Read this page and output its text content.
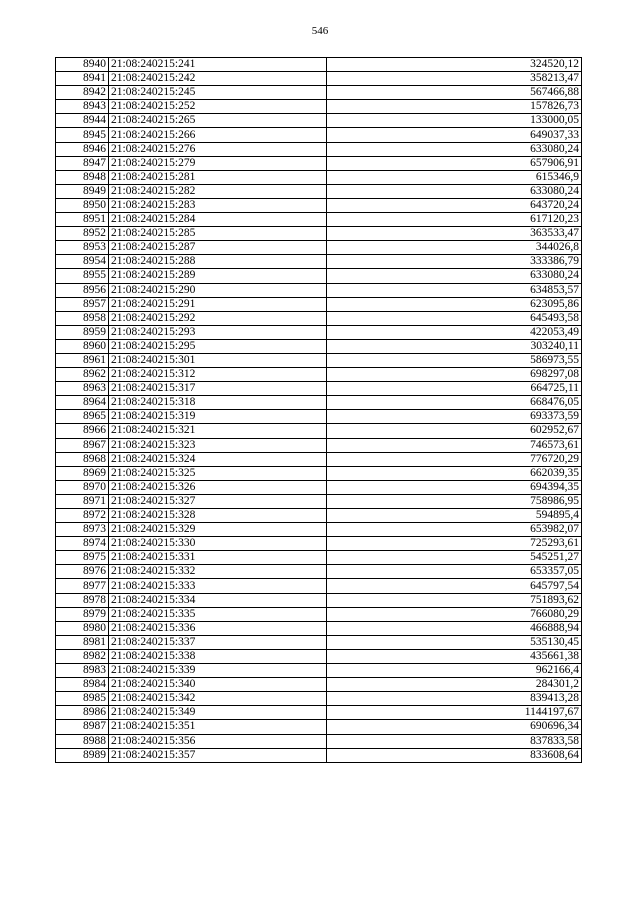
546
8940	21:08:240215:241	324520,12
8941	21:08:240215:242	358213,47
8942	21:08:240215:245	567466,88
8943	21:08:240215:252	157826,73
8944	21:08:240215:265	133000,05
8945	21:08:240215:266	649037,33
8946	21:08:240215:276	633080,24
8947	21:08:240215:279	657906,91
8948	21:08:240215:281	615346,9
8949	21:08:240215:282	633080,24
8950	21:08:240215:283	643720,24
8951	21:08:240215:284	617120,23
8952	21:08:240215:285	363533,47
8953	21:08:240215:287	344026,8
8954	21:08:240215:288	333386,79
8955	21:08:240215:289	633080,24
8956	21:08:240215:290	634853,57
8957	21:08:240215:291	623095,86
8958	21:08:240215:292	645493,58
8959	21:08:240215:293	422053,49
8960	21:08:240215:295	303240,11
8961	21:08:240215:301	586973,55
8962	21:08:240215:312	698297,08
8963	21:08:240215:317	664725,11
8964	21:08:240215:318	668476,05
8965	21:08:240215:319	693373,59
8966	21:08:240215:321	602952,67
8967	21:08:240215:323	746573,61
8968	21:08:240215:324	776720,29
8969	21:08:240215:325	662039,35
8970	21:08:240215:326	694394,35
8971	21:08:240215:327	758986,95
8972	21:08:240215:328	594895,4
8973	21:08:240215:329	653982,07
8974	21:08:240215:330	725293,61
8975	21:08:240215:331	545251,27
8976	21:08:240215:332	653357,05
8977	21:08:240215:333	645797,54
8978	21:08:240215:334	751893,62
8979	21:08:240215:335	766080,29
8980	21:08:240215:336	466888,94
8981	21:08:240215:337	535130,45
8982	21:08:240215:338	435661,38
8983	21:08:240215:339	962166,4
8984	21:08:240215:340	284301,2
8985	21:08:240215:342	839413,28
8986	21:08:240215:349	1144197,67
8987	21:08:240215:351	690696,34
8988	21:08:240215:356	837833,58
8989	21:08:240215:357	833608,64
